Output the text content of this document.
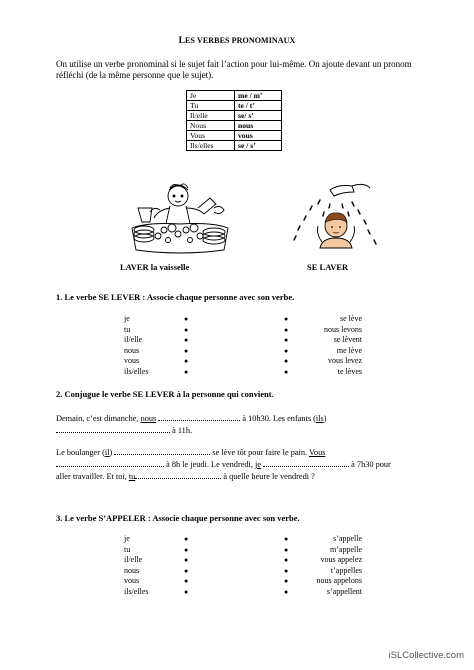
LES VERBES PRONOMINAUX
On utilise un verbe pronominal si le sujet fait l’action pour lui-même. On ajoute devant un pronom réfléchi (de la même personne que le sujet).
Je	me / m’
Tu	te / t’
Il/elle	se/ s’
Nous	nous
Vous	vous
Ils/elles	se / s’
LAVER la vaisselle	SE LAVER
1. Le verbe SE LEVER : Associe chaque personne avec son verbe.
je	●	●	se lève
tu	●	●	nous levons
il/elle	●	●	se lèvent
nous	●	●	me lève
vous	●	●	vous levez
ils/elles	●	●	te lèves
2. Conjugue le verbe SE LEVER à la personne qui convient.
Demain, c’est dimanche, nous	à 10h30. Les enfants (ils)
à 11h.
Le boulanger (il)	se lève tôt pour faire le pain. Vous
à 8h le jeudi. Le vendredi, je	à 7h30 pour
aller travailler. Et toi, tu	à quelle heure le vendredi ?
3. Le verbe S’APPELER : Associe chaque personne avec son verbe.
je	●	●	s’appelle
tu	●	●	m’appelle
il/elle	●	●	vous appelez
nous	●	●	t’appelles
vous	●	●	nous appelons
ils/elles	●	●	s’appellent
iSLCollective.com
